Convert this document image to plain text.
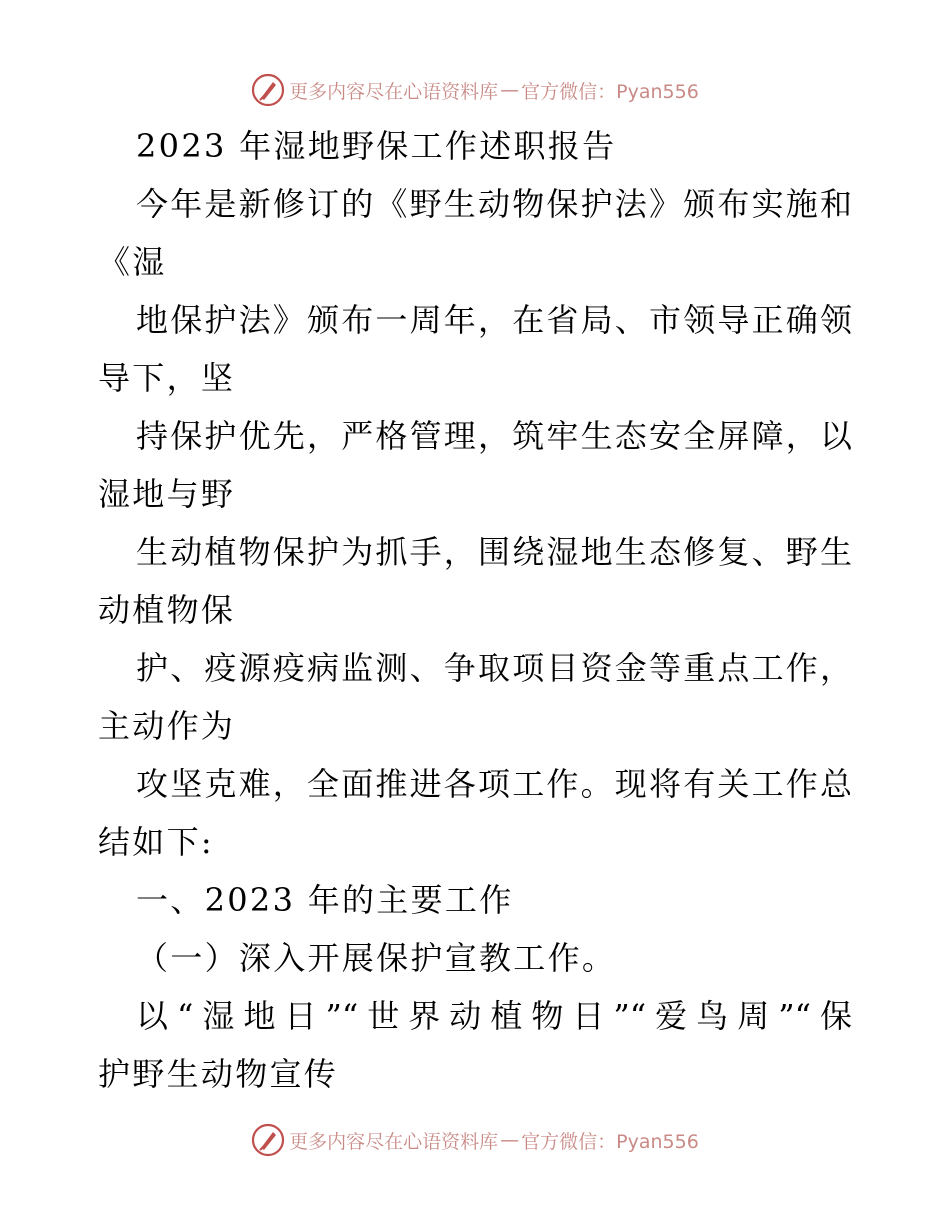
更多内容尽在心语资料库 — 官方微信：Pyan556
2023 年湿地野保工作述职报告
今年是新修订的《野生动物保护法》颁布实施和
《湿
地保护法》颁布一周年，在省局、市领导正确领
导下，坚
持保护优先，严格管理，筑牢生态安全屏障，以
湿地与野
生动植物保护为抓手，围绕湿地生态修复、野生
动植物保
护、疫源疫病监测、争取项目资金等重点工作，
主动作为
攻坚克难，全面推进各项工作。现将有关工作总
结如下:
一、2023 年的主要工作
（一）深入开展保护宣教工作。
以“湿地日”“世界动植物日”“爱鸟周”“保
护野生动物宣传
更多内容尽在心语资料库 — 官方微信：Pyan556
